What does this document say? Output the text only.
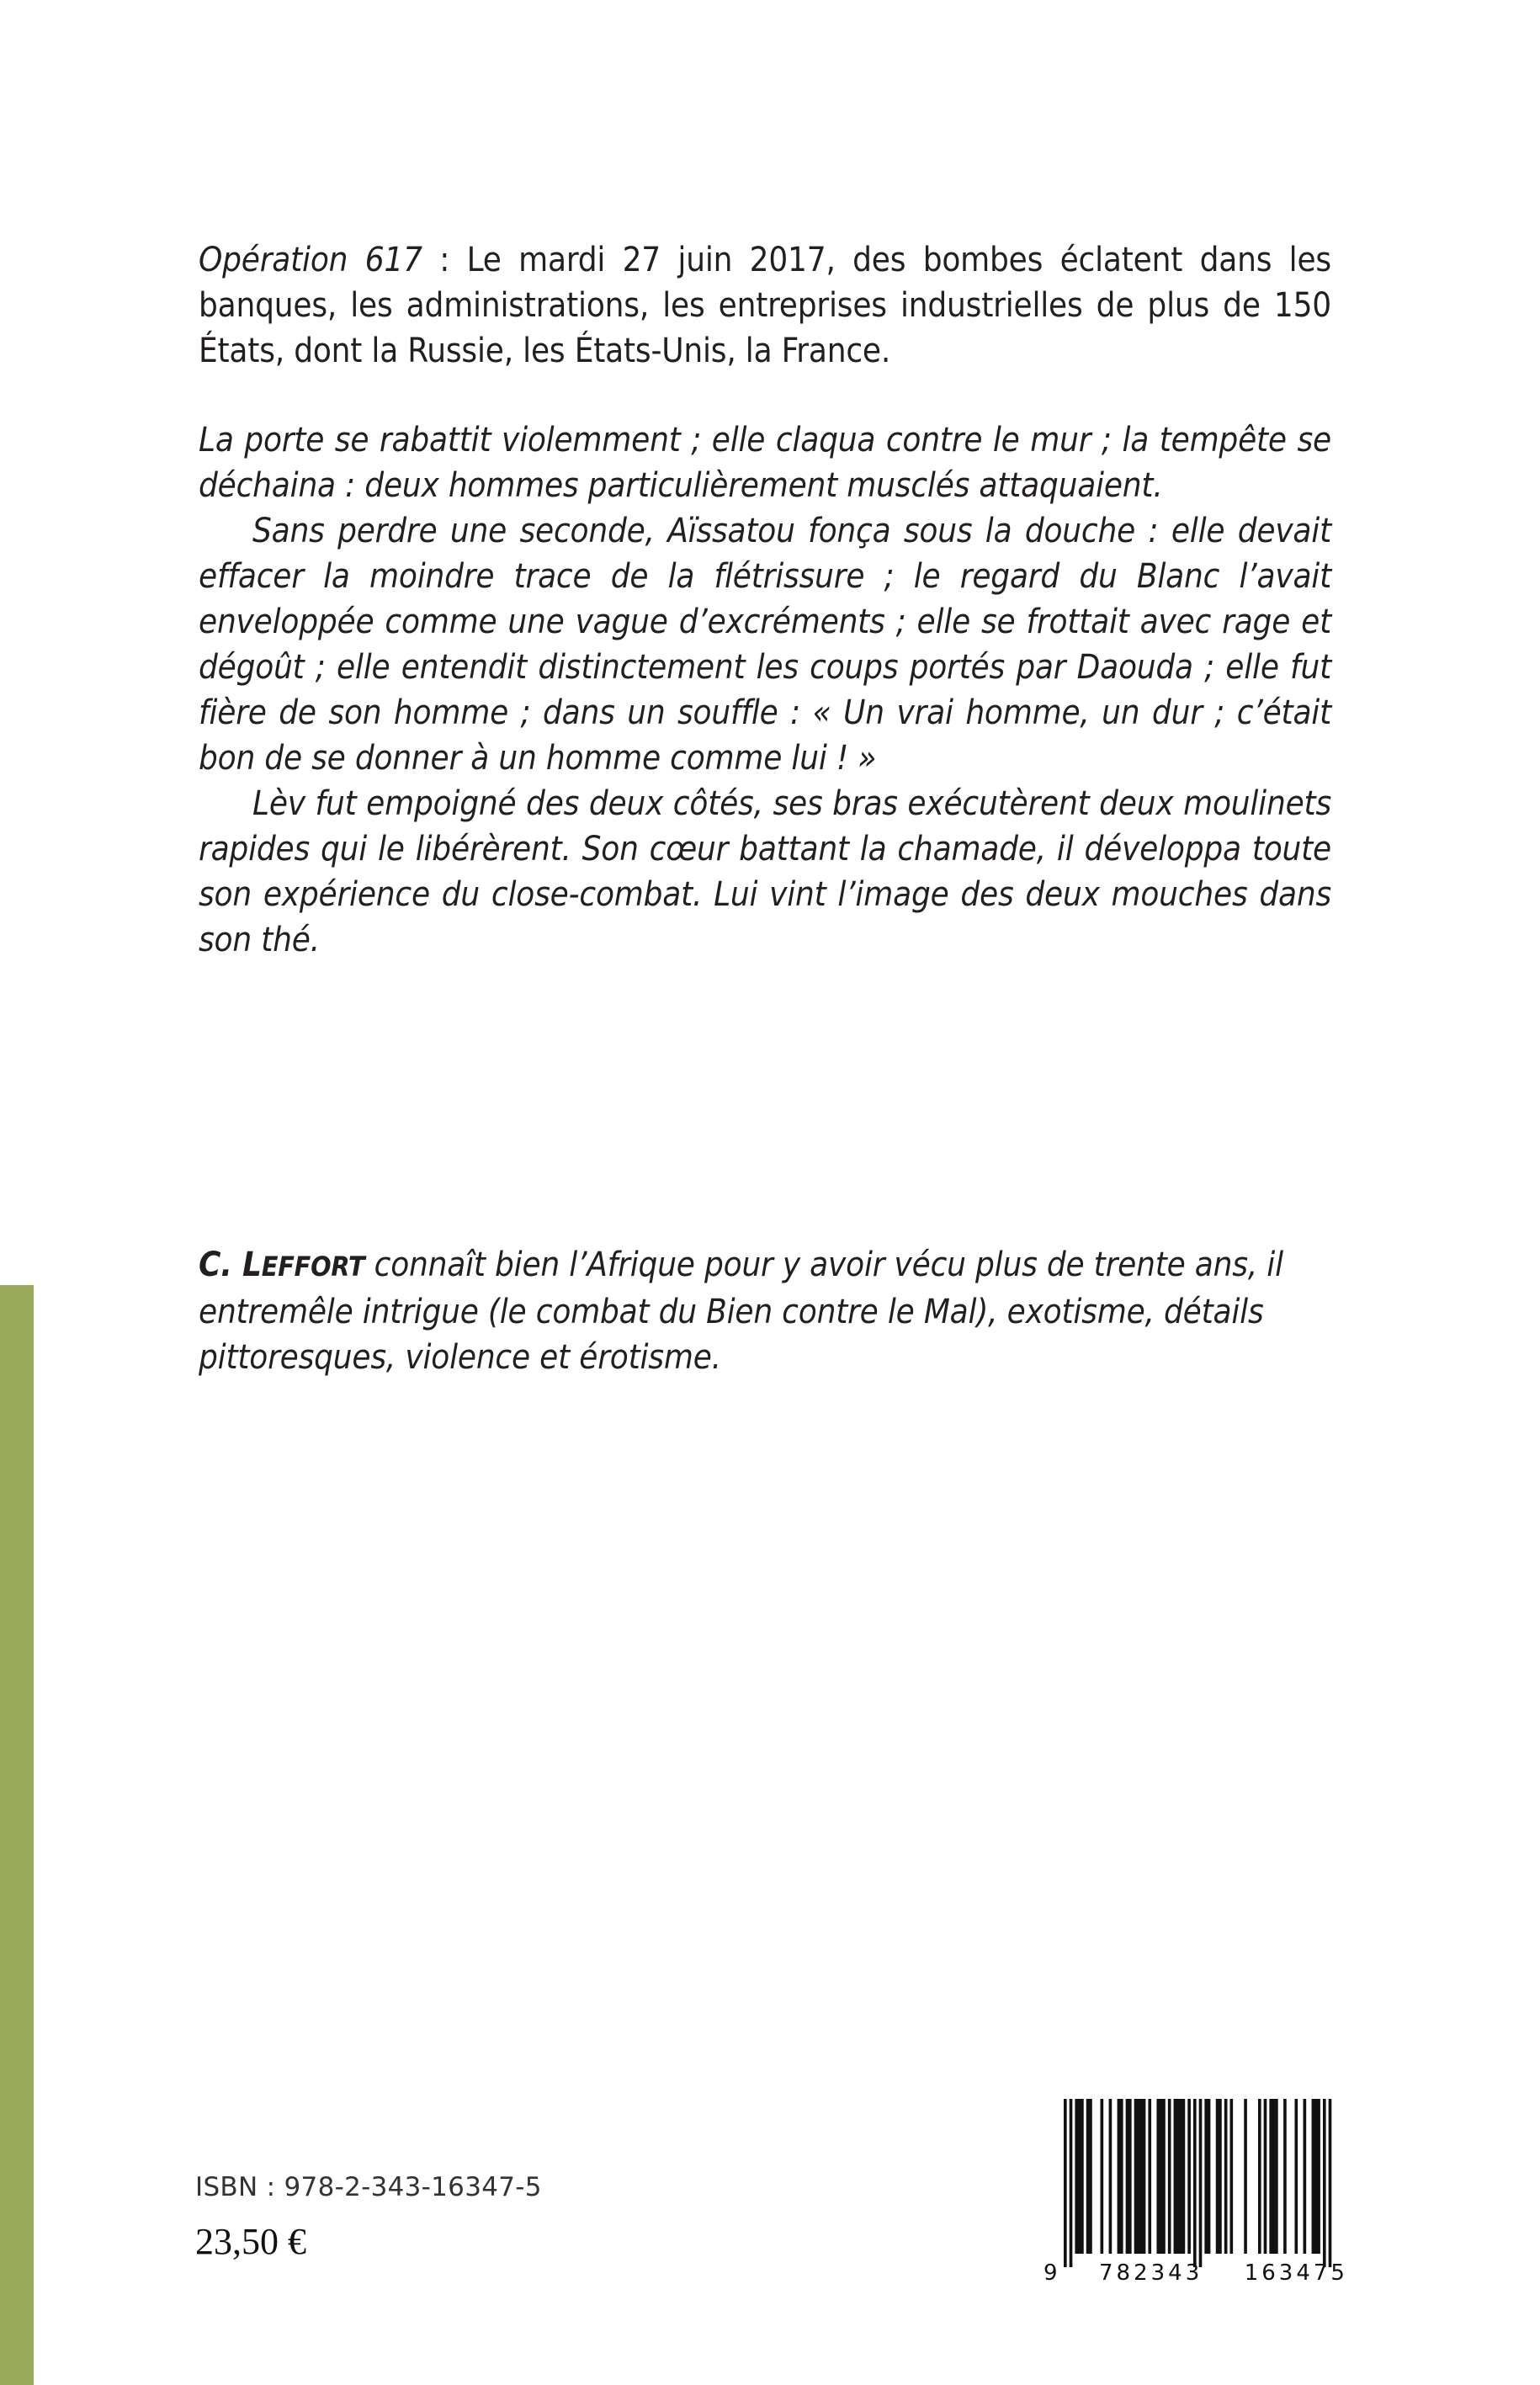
Opération 617 : Le mardi 27 juin 2017, des bombes éclatent dans les banques, les administrations, les entreprises industrielles de plus de 150 États, dont la Russie, les États-Unis, la France.

La porte se rabattit violemment ; elle claqua contre le mur ; la tempête se déchaina : deux hommes particulièrement musclés attaquaient.

Sans perdre une seconde, Aïssatou fonça sous la douche : elle devait effacer la moindre trace de la flétrissure ; le regard du Blanc l’avait enveloppée comme une vague d’excréments ; elle se frottait avec rage et dégoût ; elle entendit distinctement les coups portés par Daouda ; elle fut fière de son homme ; dans un souffle : « Un vrai homme, un dur ; c’était bon de se donner à un homme comme lui ! »

Lèv fut empoigné des deux côtés, ses bras exécutèrent deux moulinets rapides qui le libérèrent. Son cœur battant la chamade, il développa toute son expérience du close-combat. Lui vint l’image des deux mouches dans son thé.

C. LEFFORT connaît bien l’Afrique pour y avoir vécu plus de trente ans, il entremêle intrigue (le combat du Bien contre le Mal), exotisme, détails pittoresques, violence et érotisme.
ISBN : 978-2-343-16347-5
23,50 €
9 782343 163475
